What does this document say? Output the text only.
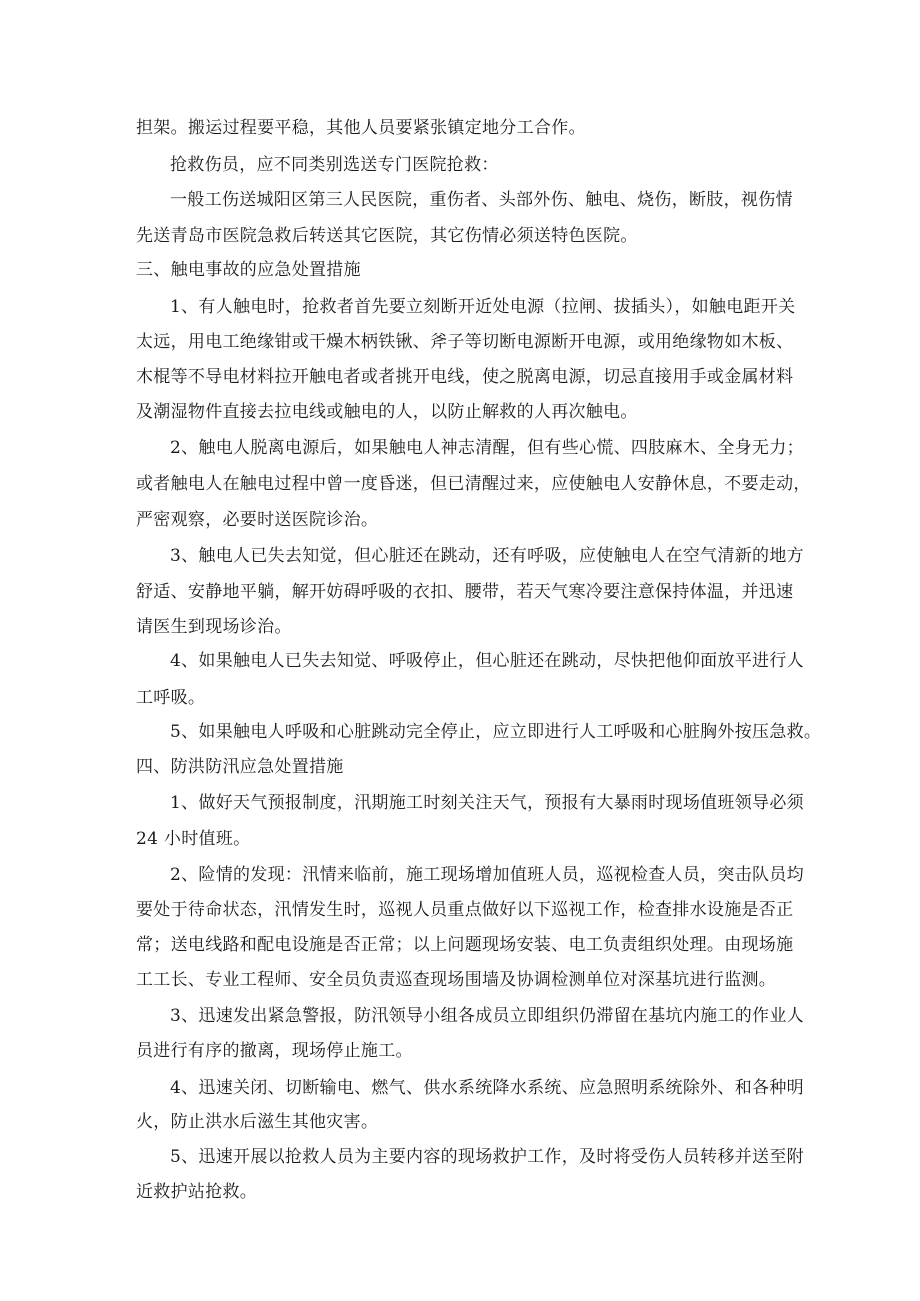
担架。搬运过程要平稳，其他人员要紧张镇定地分工合作。
抢救伤员，应不同类别选送专门医院抢救：
一般工伤送城阳区第三人民医院，重伤者、头部外伤、触电、烧伤，断肢，视伤情
先送青岛市医院急救后转送其它医院，其它伤情必须送特色医院。
三、触电事故的应急处置措施
1、有人触电时，抢救者首先要立刻断开近处电源（拉闸、拔插头），如触电距开关
太远，用电工绝缘钳或干燥木柄铁锹、斧子等切断电源断开电源，或用绝缘物如木板、
木棍等不导电材料拉开触电者或者挑开电线，使之脱离电源，切忌直接用手或金属材料
及潮湿物件直接去拉电线或触电的人，以防止解救的人再次触电。
2、触电人脱离电源后，如果触电人神志清醒，但有些心慌、四肢麻木、全身无力；
或者触电人在触电过程中曾一度昏迷，但已清醒过来，应使触电人安静休息，不要走动，
严密观察，必要时送医院诊治。
3、触电人已失去知觉，但心脏还在跳动，还有呼吸，应使触电人在空气清新的地方
舒适、安静地平躺，解开妨碍呼吸的衣扣、腰带，若天气寒冷要注意保持体温，并迅速
请医生到现场诊治。
4、如果触电人已失去知觉、呼吸停止，但心脏还在跳动，尽快把他仰面放平进行人
工呼吸。
5、如果触电人呼吸和心脏跳动完全停止，应立即进行人工呼吸和心脏胸外按压急救。
四、防洪防汛应急处置措施
1、做好天气预报制度，汛期施工时刻关注天气，预报有大暴雨时现场值班领导必须
24 小时值班。
2、险情的发现：汛情来临前，施工现场增加值班人员，巡视检查人员，突击队员均
要处于待命状态，汛情发生时，巡视人员重点做好以下巡视工作，检查排水设施是否正
常；送电线路和配电设施是否正常；以上问题现场安装、电工负责组织处理。由现场施
工工长、专业工程师、安全员负责巡查现场围墙及协调检测单位对深基坑进行监测。
3、迅速发出紧急警报，防汛领导小组各成员立即组织仍滞留在基坑内施工的作业人
员进行有序的撤离，现场停止施工。
4、迅速关闭、切断输电、燃气、供水系统降水系统、应急照明系统除外、和各种明
火，防止洪水后滋生其他灾害。
5、迅速开展以抢救人员为主要内容的现场救护工作，及时将受伤人员转移并送至附
近救护站抢救。
